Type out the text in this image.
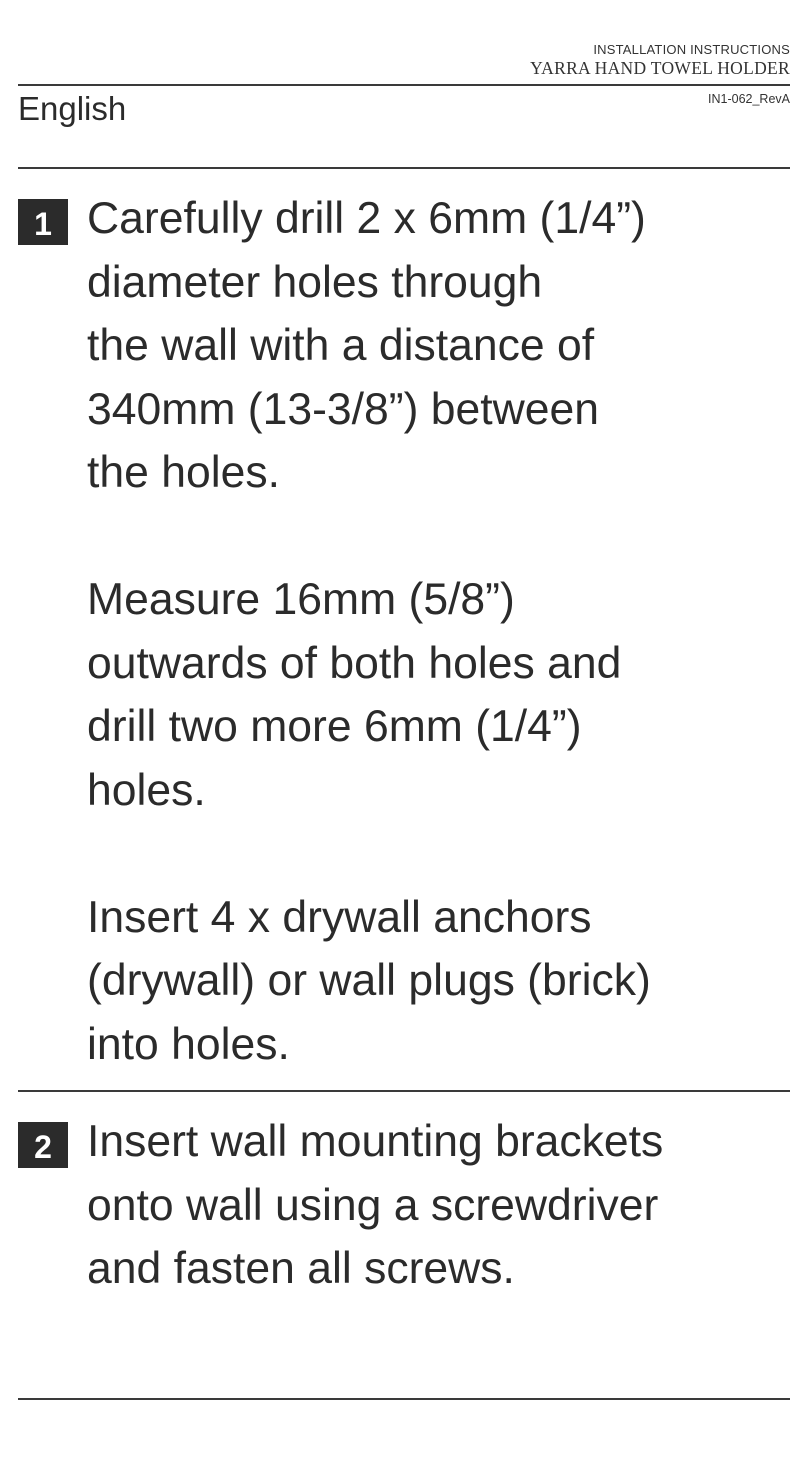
INSTALLATION INSTRUCTIONS
YARRA HAND TOWEL HOLDER
English	IN1-062_RevA
1 Carefully drill 2 x 6mm (1/4”)
diameter holes through
the wall with a distance of
340mm (13-3/8”) between
the holes.

Measure 16mm (5/8”)
outwards of both holes and
drill two more 6mm (1/4”)
holes.

Insert 4 x drywall anchors
(drywall) or wall plugs (brick)
into holes.

2 Insert wall mounting brackets
onto wall using a screwdriver
and fasten all screws.
